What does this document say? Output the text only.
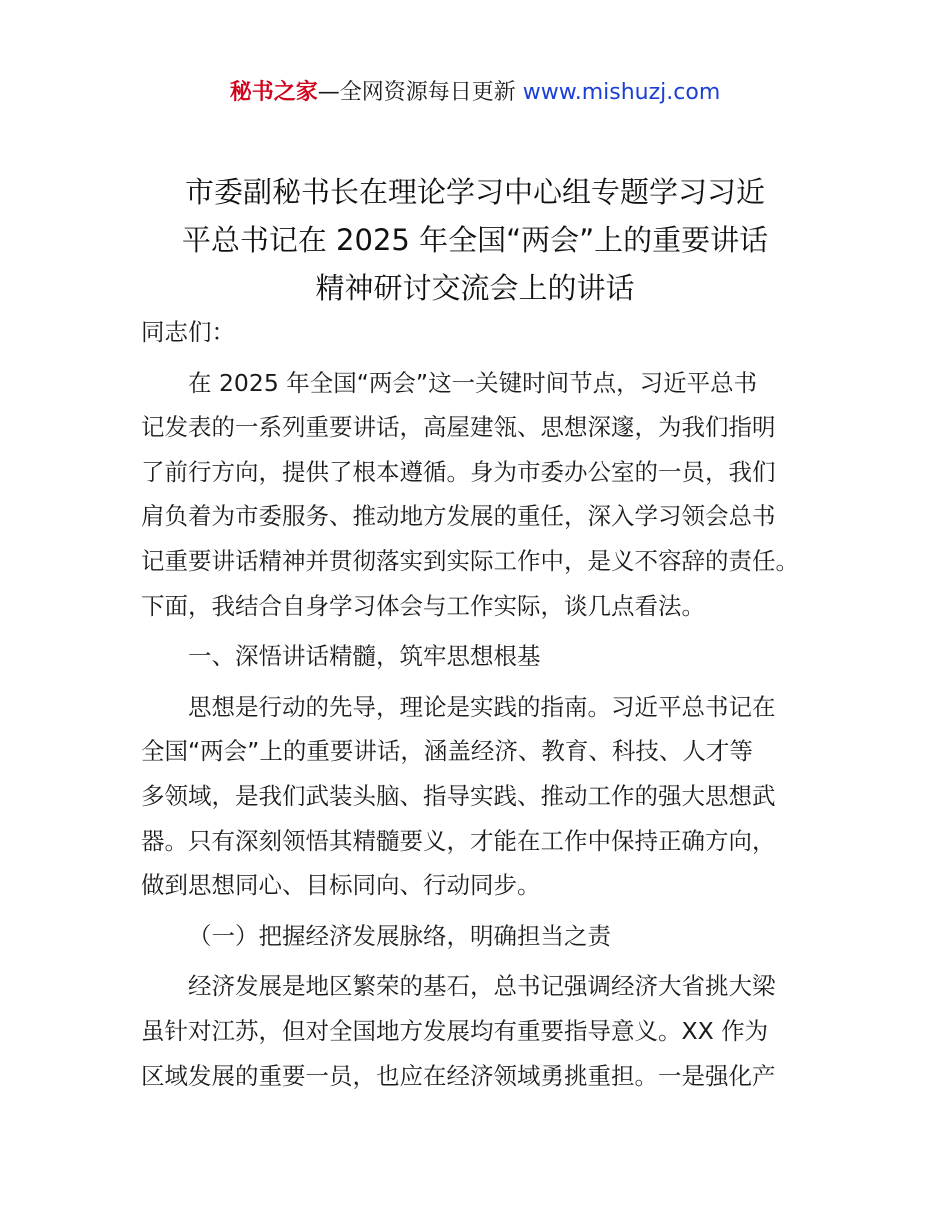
秘书之家—全网资源每日更新 www.mishuzj.com
市委副秘书长在理论学习中心组专题学习习近
平总书记在 2025 年全国“两会”上的重要讲话
精神研讨交流会上的讲话

同志们：

在 2025 年全国“两会”这一关键时间节点，习近平总书
记发表的一系列重要讲话，高屋建瓴、思想深邃，为我们指明
了前行方向，提供了根本遵循。身为市委办公室的一员，我们
肩负着为市委服务、推动地方发展的重任，深入学习领会总书
记重要讲话精神并贯彻落实到实际工作中，是义不容辞的责任。
下面，我结合自身学习体会与工作实际，谈几点看法。

一、深悟讲话精髓，筑牢思想根基

思想是行动的先导，理论是实践的指南。习近平总书记在
全国“两会”上的重要讲话，涵盖经济、教育、科技、人才等
多领域，是我们武装头脑、指导实践、推动工作的强大思想武
器。只有深刻领悟其精髓要义，才能在工作中保持正确方向，
做到思想同心、目标同向、行动同步。

（一）把握经济发展脉络，明确担当之责

经济发展是地区繁荣的基石，总书记强调经济大省挑大梁
虽针对江苏，但对全国地方发展均有重要指导意义。XX 作为
区域发展的重要一员，也应在经济领域勇挑重担。一是强化产
